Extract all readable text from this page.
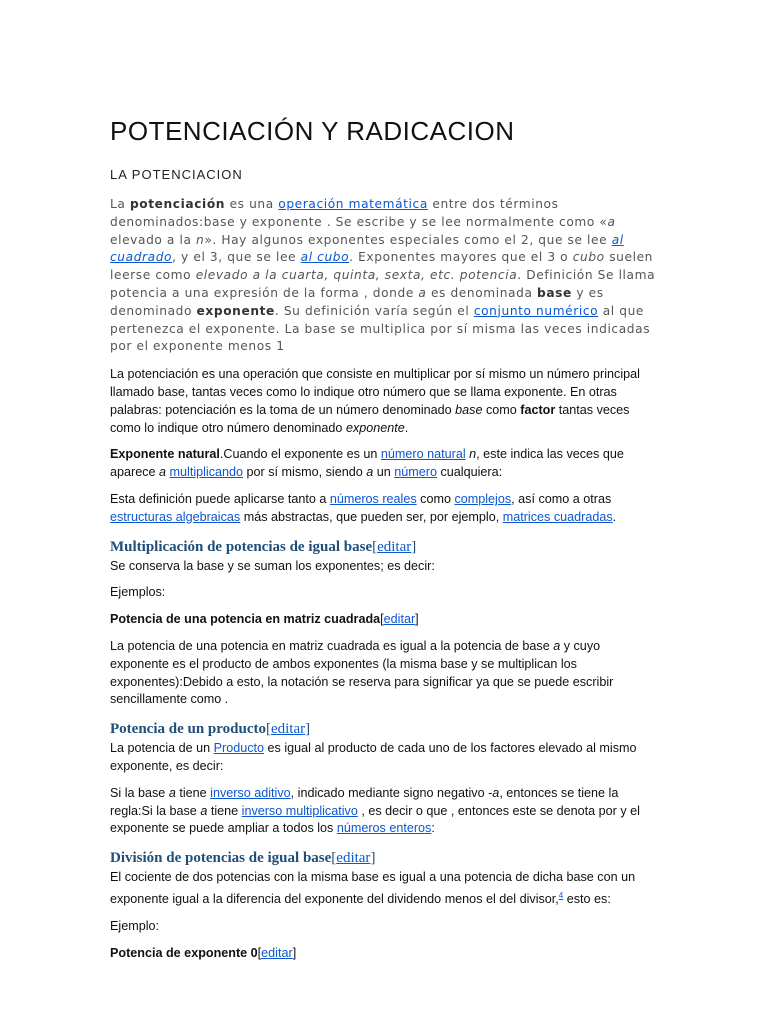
POTENCIACIÓN Y RADICACION
LA POTENCIACION

La potenciación es una operación matemática entre dos términos denominados:base y exponente . Se escribe y se lee normalmente como «a elevado a la n». Hay algunos exponentes especiales como el 2, que se lee al cuadrado, y el 3, que se lee al cubo. Exponentes mayores que el 3 o cubo suelen leerse como elevado a la cuarta, quinta, sexta, etc. potencia. Definición Se llama potencia a una expresión de la forma , donde a es denominada base y es denominado exponente. Su definición varía según el conjunto numérico al que pertenezca el exponente. La base se multiplica por sí misma las veces indicadas por el exponente menos 1

La potenciación es una operación que consiste en multiplicar por sí mismo un número principal llamado base, tantas veces como lo indique otro número que se llama exponente. En otras palabras: potenciación es la toma de un número denominado base como factor tantas veces como lo indique otro número denominado exponente.

Exponente natural.Cuando el exponente es un número natural n, este indica las veces que aparece a multiplicando por sí mismo, siendo a un número cualquiera:

Esta definición puede aplicarse tanto a números reales como complejos, así como a otras estructuras algebraicas más abstractas, que pueden ser, por ejemplo, matrices cuadradas.

Multiplicación de potencias de igual base[editar]

Se conserva la base y se suman los exponentes; es decir:

Ejemplos:

Potencia de una potencia en matriz cuadrada[editar]

La potencia de una potencia en matriz cuadrada es igual a la potencia de base a y cuyo exponente es el producto de ambos exponentes (la misma base y se multiplican los exponentes):Debido a esto, la notación se reserva para significar ya que se puede escribir sencillamente como .

Potencia de un producto[editar]

La potencia de un Producto es igual al producto de cada uno de los factores elevado al mismo exponente, es decir:

Si la base a tiene inverso aditivo, indicado mediante signo negativo -a, entonces se tiene la regla:Si la base a tiene inverso multiplicativo , es decir o que , entonces este se denota por y el exponente se puede ampliar a todos los números enteros:

División de potencias de igual base[editar]

El cociente de dos potencias con la misma base es igual a una potencia de dicha base con un exponente igual a la diferencia del exponente del dividendo menos el del divisor,$^4$ esto es:

Ejemplo:

Potencia de exponente 0[editar]
